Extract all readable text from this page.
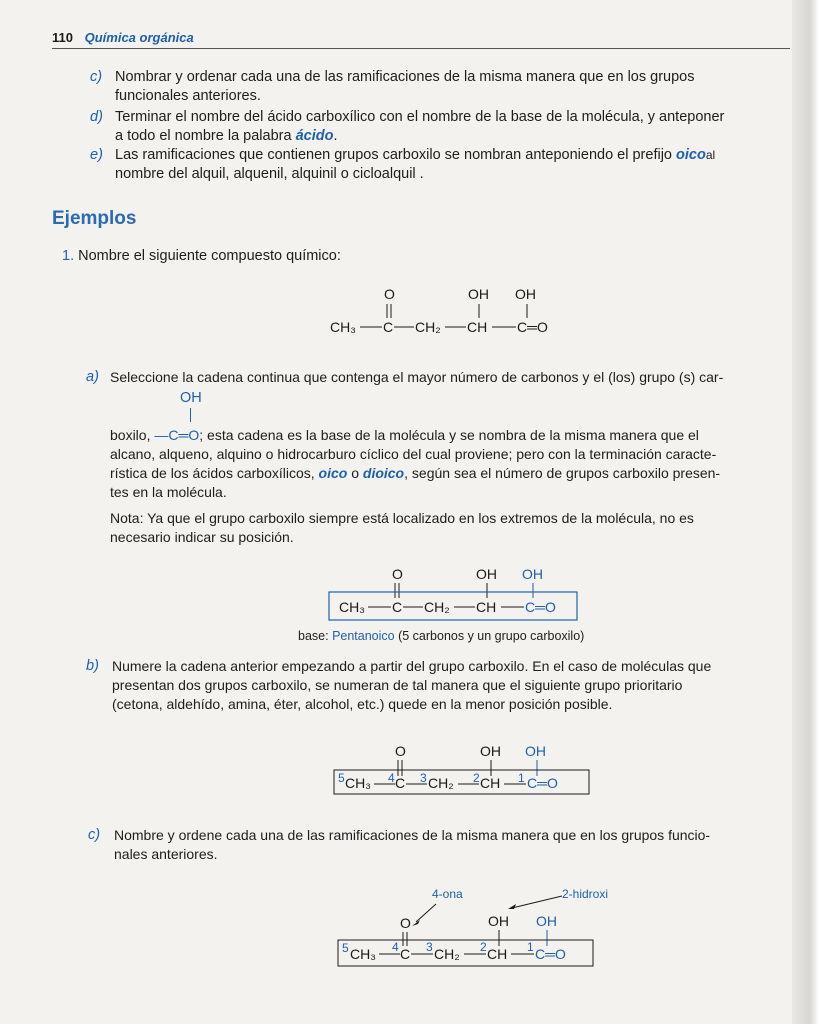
110 Química orgánica
c) Nombrar y ordenar cada una de las ramificaciones de la misma manera que en los grupos
funcionales anteriores.
d) Terminar el nombre del ácido carboxílico con el nombre de la base de la molécula, y anteponer
a todo el nombre la palabra ácido.
e) Las ramificaciones que contienen grupos carboxilo se nombran anteponiendo el prefijo oicoal
nombre del alquil, alquenil, alquinil o cicloalquil .
Ejemplos
1. Nombre el siguiente compuesto químico:
O	OH OH
CH₃ C CH₂ CH C═O
a) Seleccione la cadena continua que contenga el mayor número de carbonos y el (los) grupo (s) car-
OH
boxilo, —C═O; esta cadena es la base de la molécula y se nombra de la misma manera que el
alcano, alqueno, alquino o hidrocarburo cíclico del cual proviene; pero con la terminación caracte-
rística de los ácidos carboxílicos, oico o dioico, según sea el número de grupos carboxilo presen-
tes en la molécula.
Nota: Ya que el grupo carboxilo siempre está localizado en los extremos de la molécula, no es
necesario indicar su posición.
O	OH OH
CH₃ C CH₂ CH C═O
base: Pentanoico (5 carbonos y un grupo carboxilo)
b) Numere la cadena anterior empezando a partir del grupo carboxilo. En el caso de moléculas que
presentan dos grupos carboxilo, se numeran de tal manera que el siguiente grupo prioritario
(cetona, aldehído, amina, éter, alcohol, etc.) quede en la menor posición posible.
O	OH OH
5 CH₃ 4 C 3 CH₂ 2 CH 1 C═O
c) Nombre y ordene cada una de las ramificaciones de la misma manera que en los grupos funcio-
nales anteriores.
4-ona	2-hidroxi
O	OH OH
5 CH₃ 4 C 3 CH₂ 2 CH 1 C═O
